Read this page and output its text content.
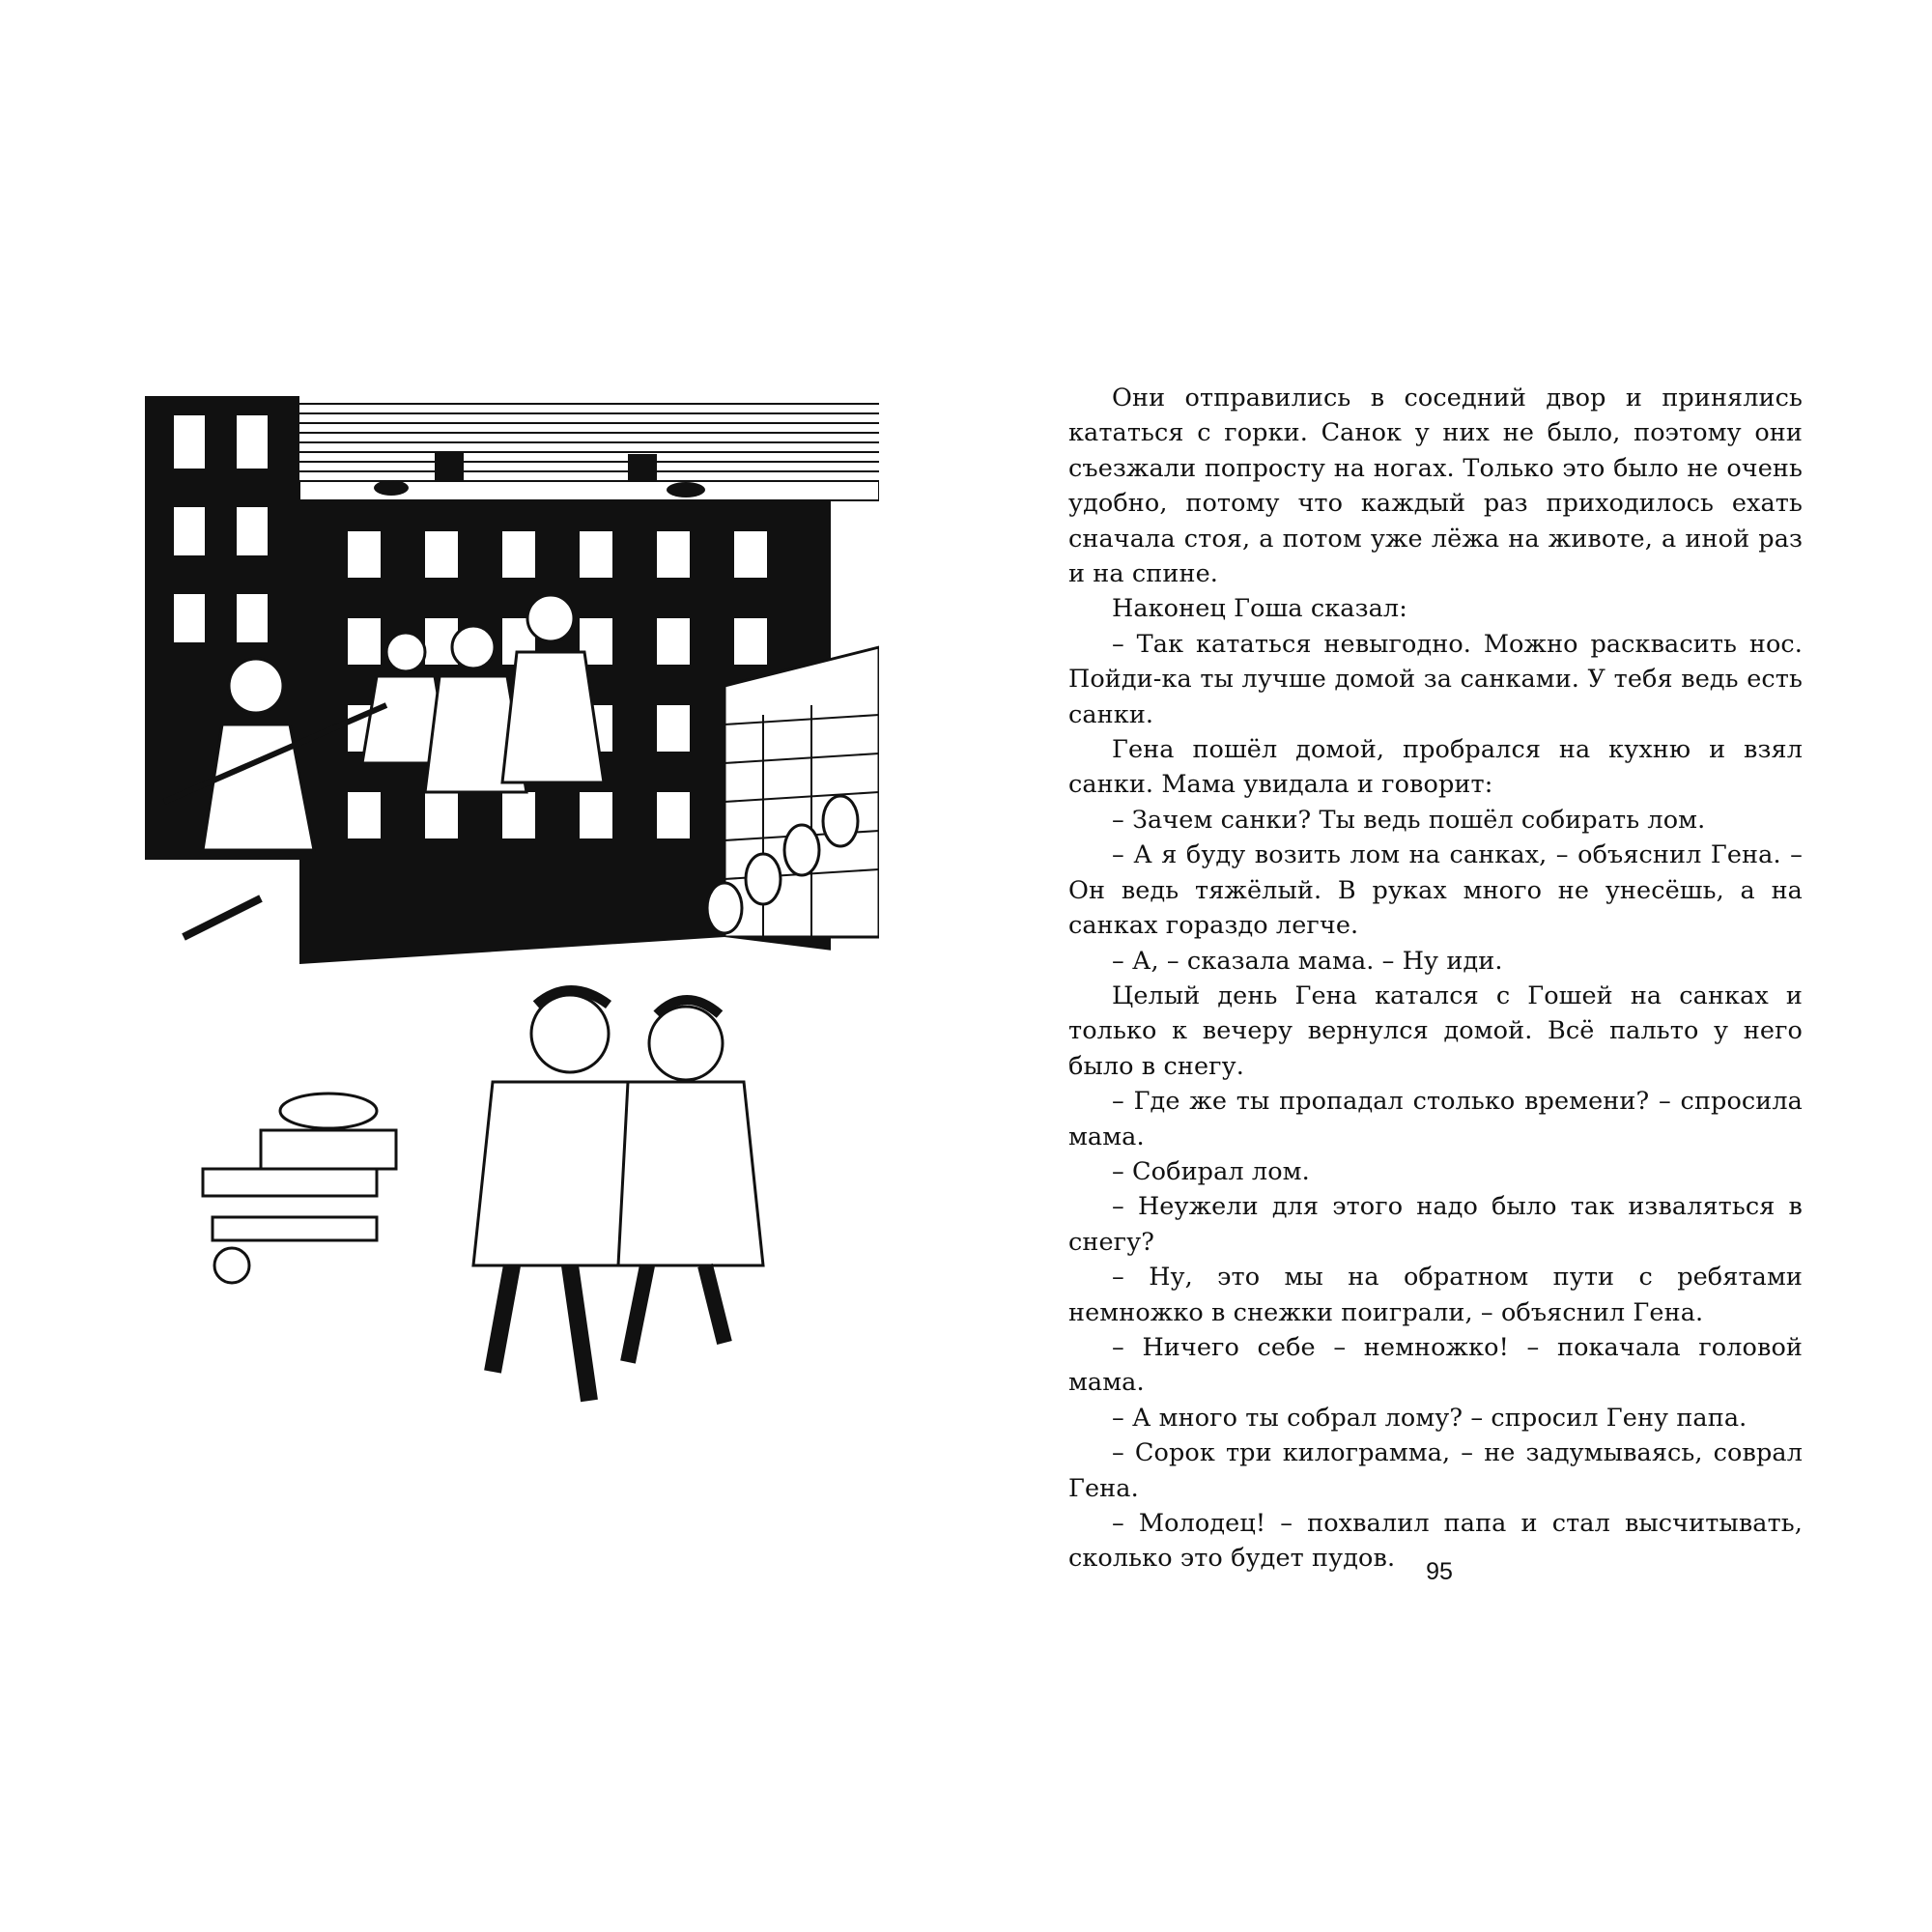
Они отправились в соседний двор и принялись кататься с горки. Санок у них не было, поэтому они съезжали попросту на ногах. Только это было не очень удобно, потому что каждый раз приходилось ехать сначала стоя, а потом уже лёжа на животе, а иной раз и на спине.

Наконец Гоша сказал:

– Так кататься невыгодно. Можно расквасить нос. Пойди-ка ты лучше домой за санками. У тебя ведь есть санки.

Гена пошёл домой, пробрался на кухню и взял санки. Мама увидала и говорит:

– Зачем санки? Ты ведь пошёл собирать лом.

– А я буду возить лом на санках, – объяснил Гена. – Он ведь тяжёлый. В руках много не унесёшь, а на санках гораздо легче.

– А, – сказала мама. – Ну иди.

Целый день Гена катался с Гошей на санках и только к вечеру вернулся домой. Всё пальто у него было в снегу.

– Где же ты пропадал столько времени? – спросила мама.

– Собирал лом.

– Неужели для этого надо было так изваляться в снегу?

– Ну, это мы на обратном пути с ребятами немножко в снежки поиграли, – объяснил Гена.

– Ничего себе – немножко! – покачала головой мама.

– А много ты собрал лому? – спросил Гену папа.

– Сорок три килограмма, – не задумываясь, соврал Гена.

– Молодец! – похвалил папа и стал высчитывать, сколько это будет пудов.	95
